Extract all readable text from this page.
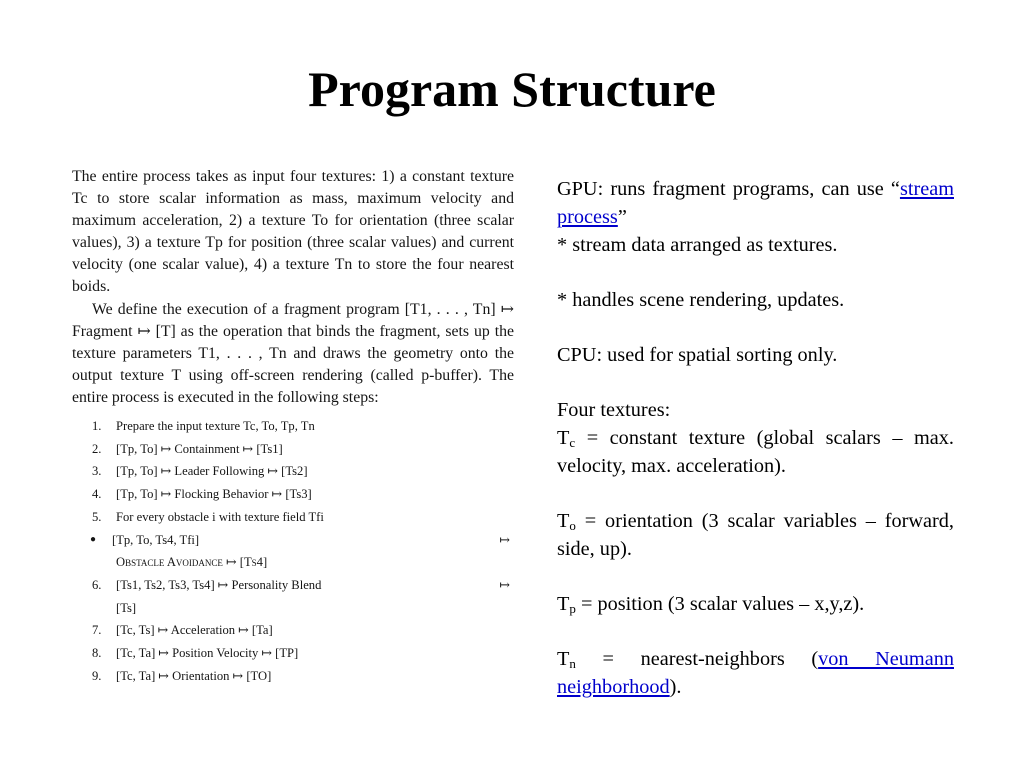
Program Structure

The entire process takes as input four textures: 1) a constant texture Tc to store scalar information as mass, maximum velocity and maximum acceleration, 2) a texture To for orientation (three scalar values), 3) a texture Tp for position (three scalar values) and current velocity (one scalar value), 4) a texture Tn to store the four nearest boids.

We define the execution of a fragment program [T1, . . . , Tn] ↦ Fragment ↦ [T] as the operation that binds the fragment, sets up the texture parameters T1, . . . , Tn and draws the geometry onto the output texture T using off-screen rendering (called p-buffer). The entire process is executed in the following steps:

1. Prepare the input texture Tc, To, Tp, Tn
2. [Tp, To] ↦ Containment ↦ [Ts1]
3. [Tp, To] ↦ Leader Following ↦ [Ts2]
4. [Tp, To] ↦ Flocking Behavior ↦ [Ts3]
5. For every obstacle i with texture field Tfi
● [Tp, To, Ts4, Tfi]	↦
Obstacle Avoidance ↦ [Ts4]
6. [Ts1, Ts2, Ts3, Ts4] ↦ Personality Blend	↦
[Ts]
7. [Tc, Ts] ↦ Acceleration ↦ [Ta]
8. [Tc, Ta] ↦ Position Velocity ↦ [TP]
9. [Tc, Ta] ↦ Orientation ↦ [TO]

GPU: runs fragment programs, can use “stream process”

* stream data arranged as textures.

* handles scene rendering, updates.

CPU: used for spatial sorting only.

Four textures:

$T_c$ = constant texture (global scalars – max. velocity, max. acceleration).

$T_o$ = orientation (3 scalar variables – forward, side, up).

$T_p$ = position (3 scalar values – x,y,z).

$T_n$ = nearest-neighbors (von Neumann neighborhood).
